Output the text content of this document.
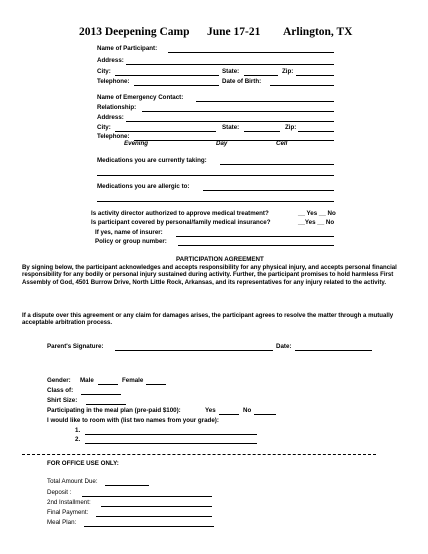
2013 Deepening Camp June 17-21 Arlington, TX
Name of Participant:
Address:
City:	State:	Zip:
Telephone:	Date of Birth:
Name of Emergency Contact:
Relationship:
Address:
City:	State:	Zip:
Telephone:
Evening	Day	Cell
Medications you are currently taking:
Medications you are allergic to:
Is activity director authorized to approve medical treatment?	__ Yes __ No
Is participant covered by personal/family medical insurance?	__Yes __ No
If yes, name of insurer:
Policy or group number:
PARTICIPATION AGREEMENT
By signing below, the participant acknowledges and accepts responsibility for any physical injury, and accepts personal financial responsibility for any bodily or personal injury sustained during activity. Further, the participant promises to hold harmless First Assembly of God, 4501 Burrow Drive, North Little Rock, Arkansas, and its representatives for any injury related to the activity.
If a dispute over this agreement or any claim for damages arises, the participant agrees to resolve the matter through a mutually acceptable arbitration process.
Parent's Signature:	Date:
Gender: Male	Female
Class of:
Shirt Size:
Participating in the meal plan (pre-paid $100):	Yes	No
I would like to room with (list two names from your grade):
1.
2.
FOR OFFICE USE ONLY:
Total Amount Due:
Deposit :
2nd Installment:
Final Payment:
Meal Plan:
